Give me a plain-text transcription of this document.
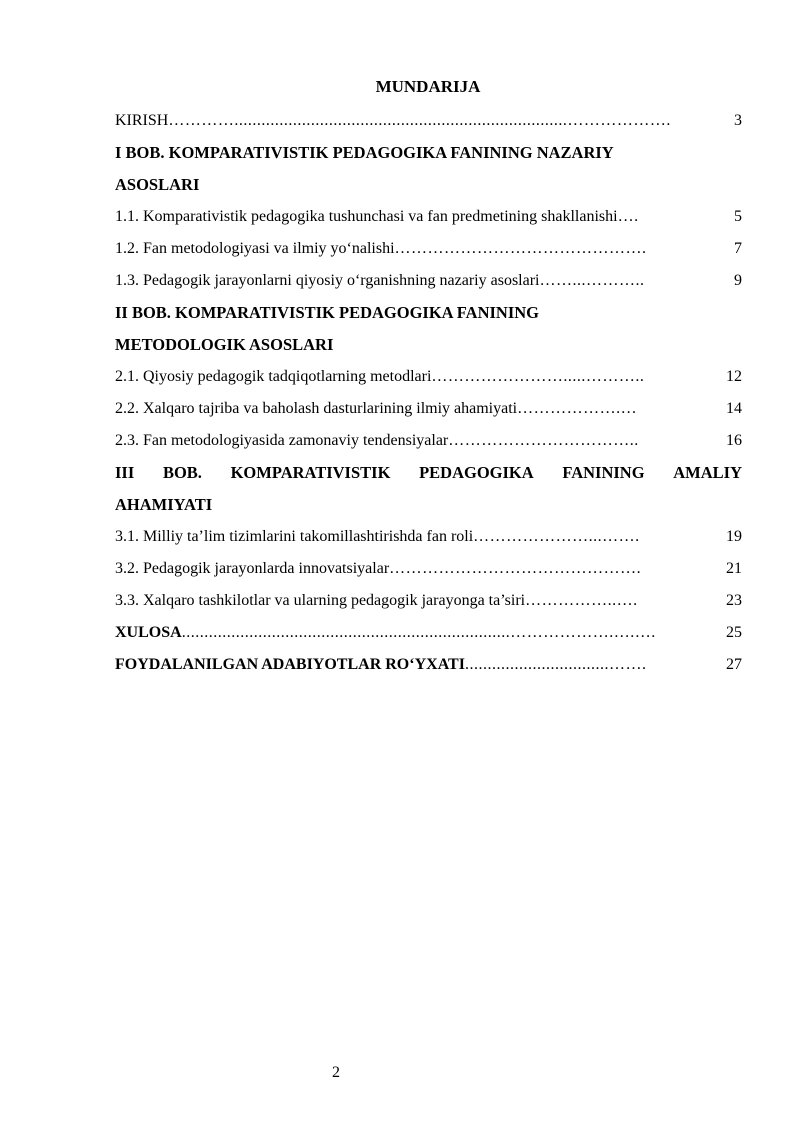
MUNDARIJA
KIRISH …………..........................................................................……………….	3
I BOB. KOMPARATIVISTIK PEDAGOGIKA FANINING NAZARIY
ASOSLARI
1.1. Komparativistik pedagogika tushunchasi va fan predmetining shakllanishi ….	5
1.2. Fan metodologiyasi va ilmiy yo‘nalishi ……………………………………….	7
1.3. Pedagogik jarayonlarni qiyosiy o‘rganishning nazariy asoslari ……...………..	9
II BOB. KOMPARATIVISTIK PEDAGOGIKA FANINING
METODOLOGIK ASOSLARI
2.1. Qiyosiy pedagogik tadqiqotlarning metodlari …………………….....………..	12
2.2. Xalqaro tajriba va baholash dasturlarining ilmiy ahamiyati ……………….…	14
2.3. Fan metodologiyasida zamonaviy tendensiyalar ……………………………..	16
III BOB. KOMPARATIVISTIK PEDAGOGIKA FANINING AMALIY
AHAMIYATI
3.1. Milliy ta’lim tizimlarini takomillashtirishda fan roli …………………...…….	19
3.2. Pedagogik jarayonlarda innovatsiyalar ……………………………………….	21
3.3. Xalqaro tashkilotlar va ularning pedagogik jarayonga ta’siri ……………..….	23
XULOSA .........................................................................……………….….….	25
FOYDALANILGAN ADABIYOTLAR RO‘YXATI ................................…….	27
2
